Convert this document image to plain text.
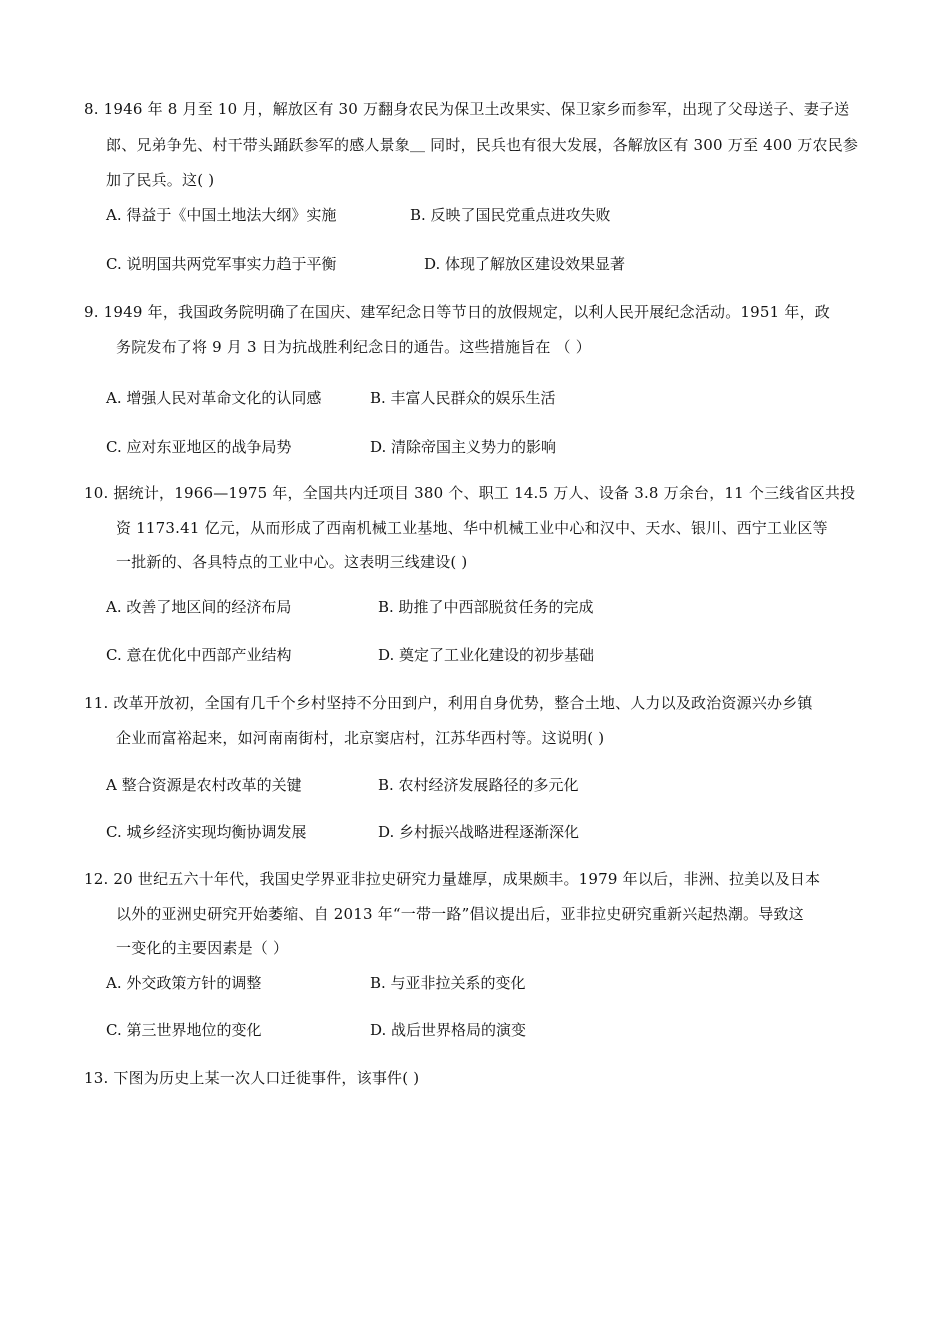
8. 1946 年 8 月至 10 月，解放区有 30 万翻身农民为保卫土改果实、保卫家乡而参军，出现了父母送子、妻子送
郎、兄弟争先、村干带头踊跃参军的感人景象＿ 同时，民兵也有很大发展，各解放区有 300 万至 400 万农民参
加了民兵。这( )
A. 得益于《中国土地法大纲》实施	B. 反映了国民党重点进攻失败
C. 说明国共两党军事实力趋于平衡	D. 体现了解放区建设效果显著
9. 1949 年，我国政务院明确了在国庆、建军纪念日等节日的放假规定，以利人民开展纪念活动。1951 年，政
务院发布了将 9 月 3 日为抗战胜利纪念日的通告。这些措施旨在 （ ）
A. 增强人民对革命文化的认同感	B. 丰富人民群众的娱乐生活
C. 应对东亚地区的战争局势	D. 清除帝国主义势力的影响
10. 据统计，1966—1975 年，全国共内迁项目 380 个、职工 14.5 万人、设备 3.8 万余台，11 个三线省区共投
资 1173.41 亿元，从而形成了西南机械工业基地、华中机械工业中心和汉中、天水、银川、西宁工业区等
一批新的、各具特点的工业中心。这表明三线建设( )
A. 改善了地区间的经济布局	B. 助推了中西部脱贫任务的完成
C. 意在优化中西部产业结构	D. 奠定了工业化建设的初步基础
11. 改革开放初，全国有几千个乡村坚持不分田到户，利用自身优势，整合土地、人力以及政治资源兴办乡镇
企业而富裕起来，如河南南街村，北京窦店村，江苏华西村等。这说明( )
A 整合资源是农村改革的关键	B. 农村经济发展路径的多元化
C. 城乡经济实现均衡协调发展	D. 乡村振兴战略进程逐渐深化
12. 20 世纪五六十年代，我国史学界亚非拉史研究力量雄厚，成果颇丰。1979 年以后，非洲、拉美以及日本
以外的亚洲史研究开始萎缩、自 2013 年“一带一路”倡议提出后，亚非拉史研究重新兴起热潮。导致这
一变化的主要因素是（ ）
A. 外交政策方针的调整	B. 与亚非拉关系的变化
C. 第三世界地位的变化	D. 战后世界格局的演变
13. 下图为历史上某一次人口迁徙事件，该事件( )
